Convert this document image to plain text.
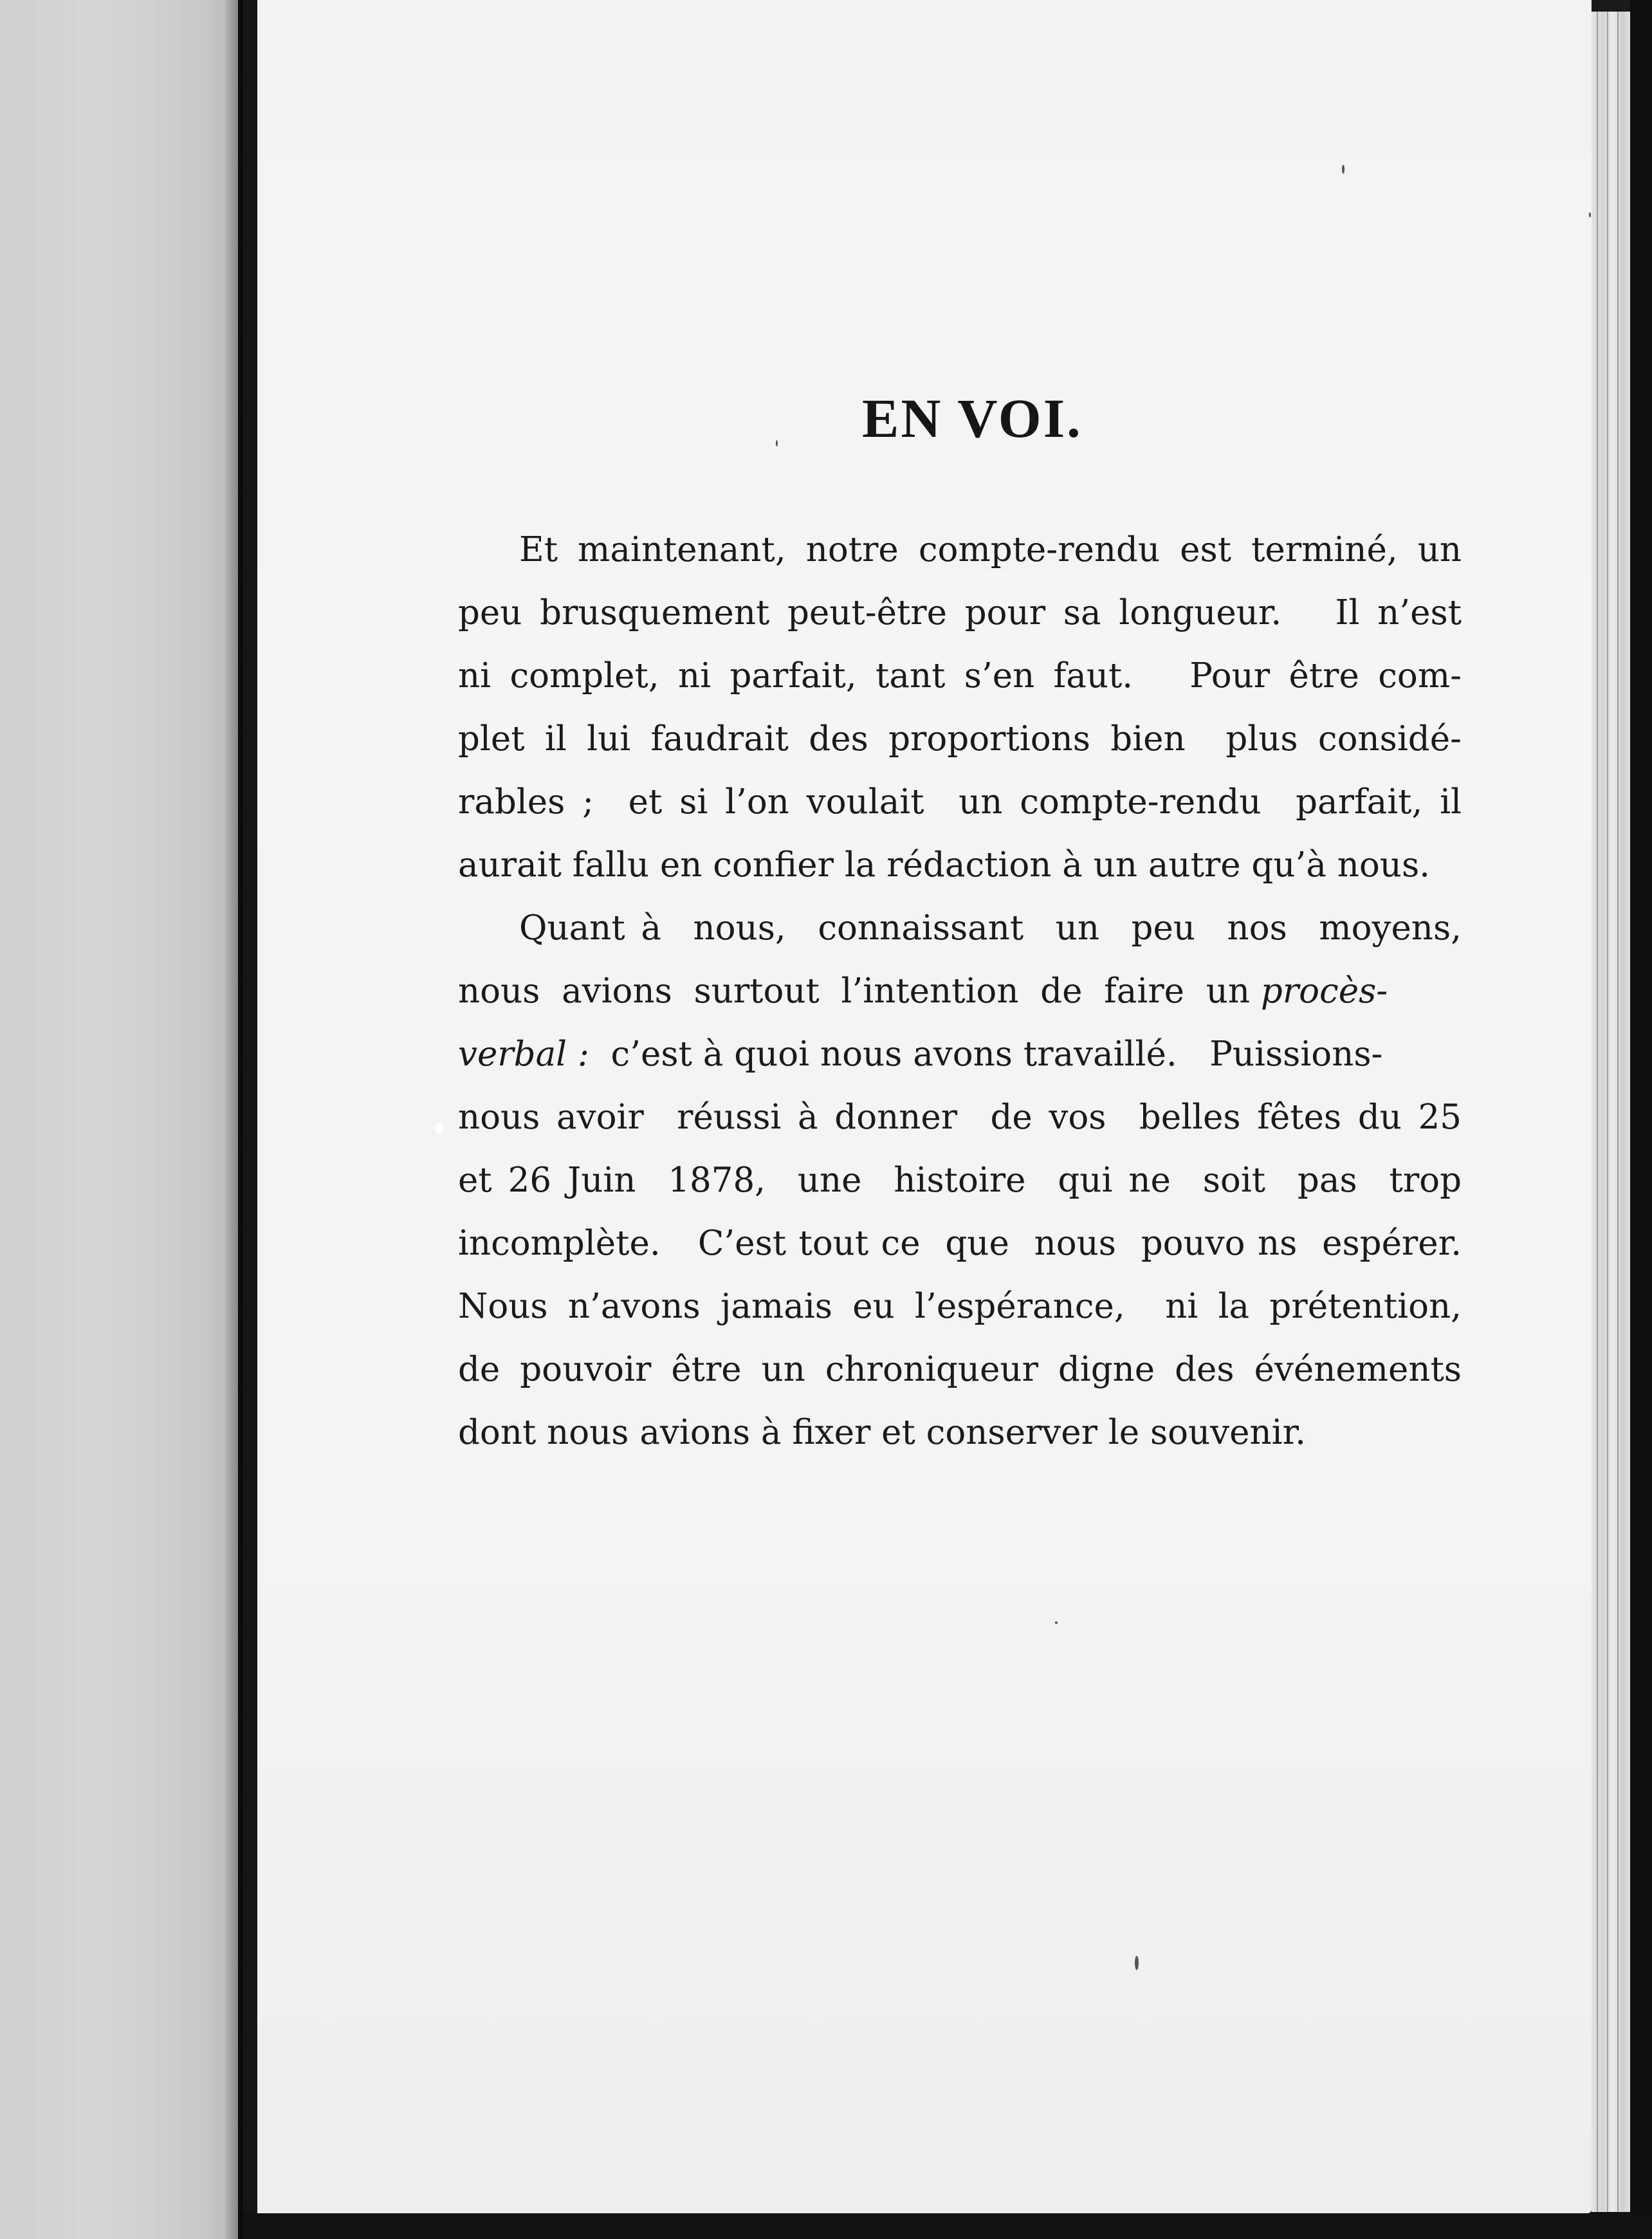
EN VOI.
Et maintenant, notre compte-rendu est terminé, un
peu brusquement peut-être pour sa longueur.   Il n’est
ni complet, ni parfait, tant s’en faut.   Pour être com-
plet il lui faudrait des proportions bien  plus considé-
rables ;  et si l’on voulait  un compte-rendu  parfait, il
aurait fallu en confier la rédaction à un autre qu’à nous.
Quant à  nous,  connaissant  un  peu  nos  moyens,
nous  avions  surtout  l’intention  de  faire  un procès-
verbal :  c’est à quoi nous avons travaillé.   Puissions-
nous avoir  réussi à donner  de vos  belles fêtes du 25
et 26 Juin  1878,  une  histoire  qui ne  soit  pas  trop
incomplète.   C’est tout ce  que  nous  pouvo ns  espérer.
Nous n’avons jamais eu l’espérance,  ni la prétention,
de pouvoir être un chroniqueur digne des événements
dont nous avions à fixer et conserver le souvenir.
